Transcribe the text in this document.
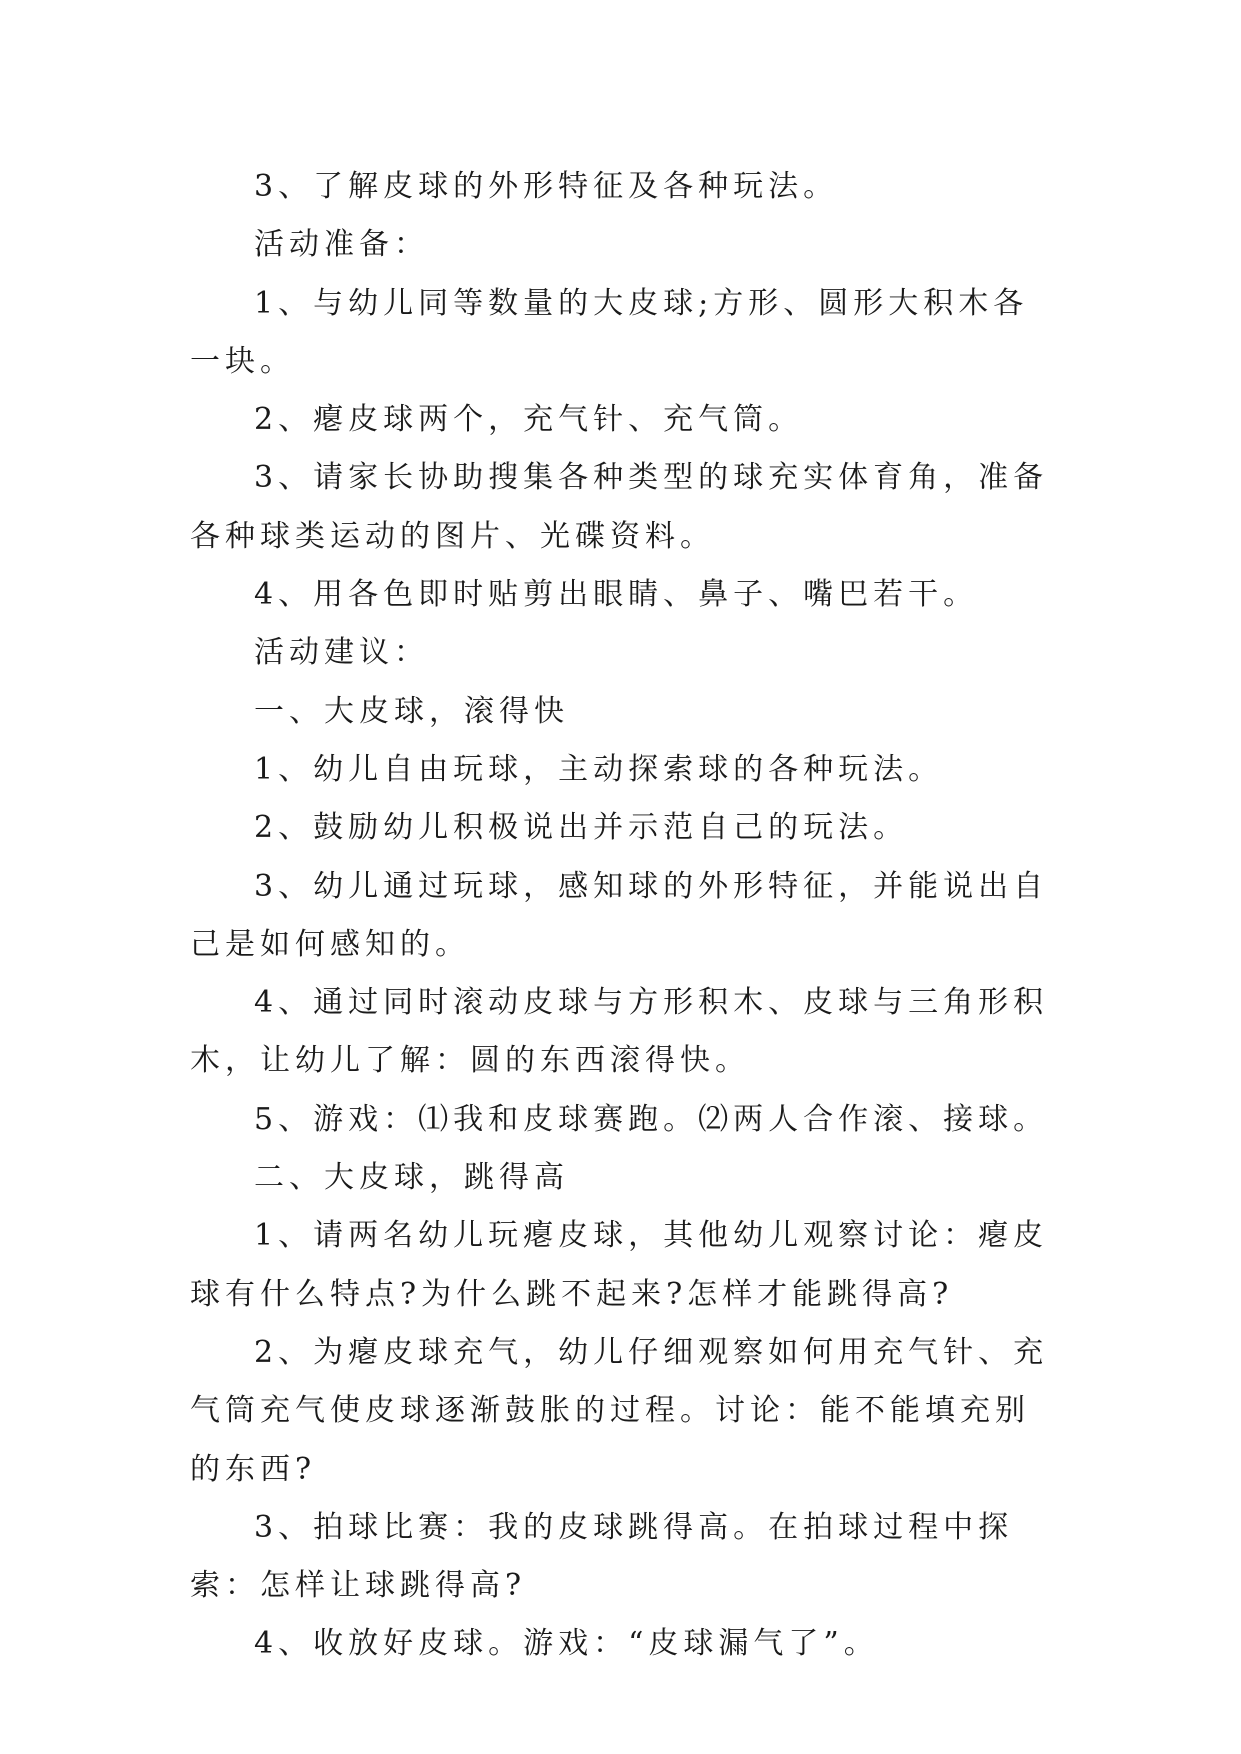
3、了解皮球的外形特征及各种玩法。

活动准备：

1、与幼儿同等数量的大皮球;方形、圆形大积木各一块。

2、瘪皮球两个，充气针、充气筒。

3、请家长协助搜集各种类型的球充实体育角，准备各种球类运动的图片、光碟资料。

4、用各色即时贴剪出眼睛、鼻子、嘴巴若干。

活动建议：

一、大皮球，滚得快

1、幼儿自由玩球，主动探索球的各种玩法。

2、鼓励幼儿积极说出并示范自己的玩法。

3、幼儿通过玩球，感知球的外形特征，并能说出自己是如何感知的。

4、通过同时滚动皮球与方形积木、皮球与三角形积木，让幼儿了解：圆的东西滚得快。

5、游戏：⑴我和皮球赛跑。⑵两人合作滚、接球。

二、大皮球，跳得高

1、请两名幼儿玩瘪皮球，其他幼儿观察讨论：瘪皮球有什么特点?为什么跳不起来?怎样才能跳得高?

2、为瘪皮球充气，幼儿仔细观察如何用充气针、充气筒充气使皮球逐渐鼓胀的过程。讨论：能不能填充别的东西?

3、拍球比赛：我的皮球跳得高。在拍球过程中探索：怎样让球跳得高?

4、收放好皮球。游戏：“皮球漏气了”。
